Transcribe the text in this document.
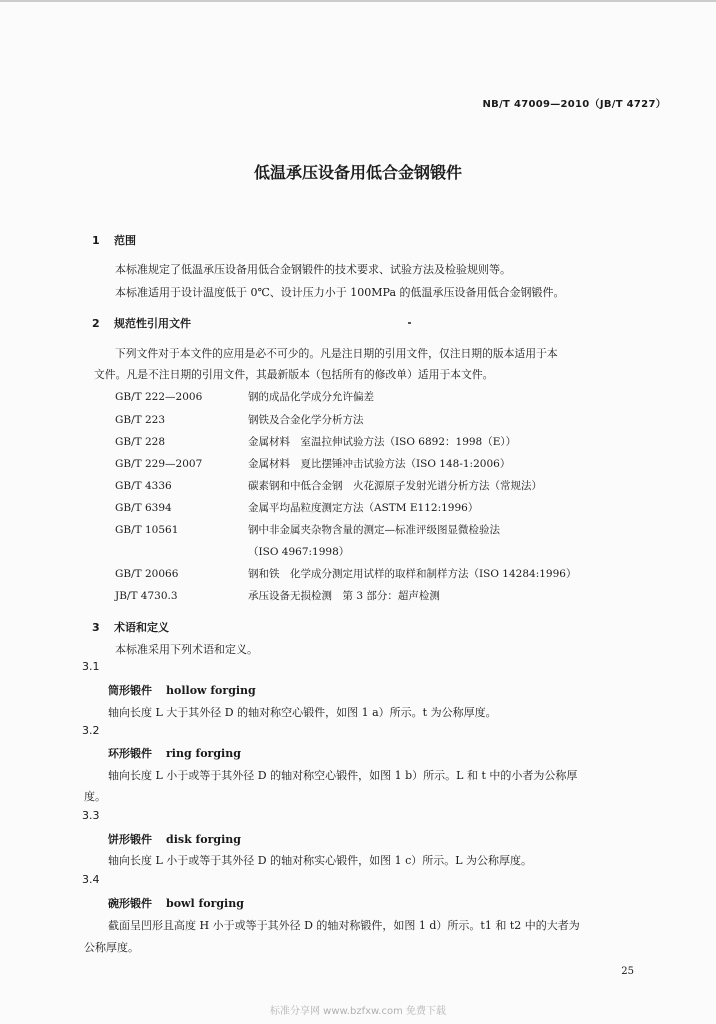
NB/T 47009—2010（JB/T 4727）
低温承压设备用低合金钢锻件
1 范围
本标准规定了低温承压设备用低合金钢锻件的技术要求、试验方法及检验规则等。
本标准适用于设计温度低于 0℃、设计压力小于 100MPa 的低温承压设备用低合金钢锻件。
2 规范性引用文件
下列文件对于本文件的应用是必不可少的。凡是注日期的引用文件，仅注日期的版本适用于本
文件。凡是不注日期的引用文件，其最新版本（包括所有的修改单）适用于本文件。
GB/T 222—2006	钢的成品化学成分允许偏差
GB/T 223	钢铁及合金化学分析方法
GB/T 228	金属材料　室温拉伸试验方法（ISO 6892：1998（E））
GB/T 229—2007	金属材料　夏比摆锤冲击试验方法（ISO 148-1:2006）
GB/T 4336	碳素钢和中低合金钢　火花源原子发射光谱分析方法（常规法）
GB/T 6394	金属平均晶粒度测定方法（ASTM E112:1996）
GB/T 10561	钢中非金属夹杂物含量的测定—标准评级图显微检验法
（ISO 4967:1998）
GB/T 20066	钢和铁　化学成分测定用试样的取样和制样方法（ISO 14284:1996）
JB/T 4730.3	承压设备无损检测　第 3 部分：超声检测
3 术语和定义
本标准采用下列术语和定义。
3.1
筒形锻件 hollow forging
轴向长度 L 大于其外径 D 的轴对称空心锻件，如图 1 a）所示。t 为公称厚度。
3.2
环形锻件 ring forging
轴向长度 L 小于或等于其外径 D 的轴对称空心锻件，如图 1 b）所示。L 和 t 中的小者为公称厚
度。
3.3
饼形锻件 disk forging
轴向长度 L 小于或等于其外径 D 的轴对称实心锻件，如图 1 c）所示。L 为公称厚度。
3.4
碗形锻件 bowl forging
截面呈凹形且高度 H 小于或等于其外径 D 的轴对称锻件，如图 1 d）所示。t1 和 t2 中的大者为
公称厚度。
25
标准分享网 www.bzfxw.com 免费下载
